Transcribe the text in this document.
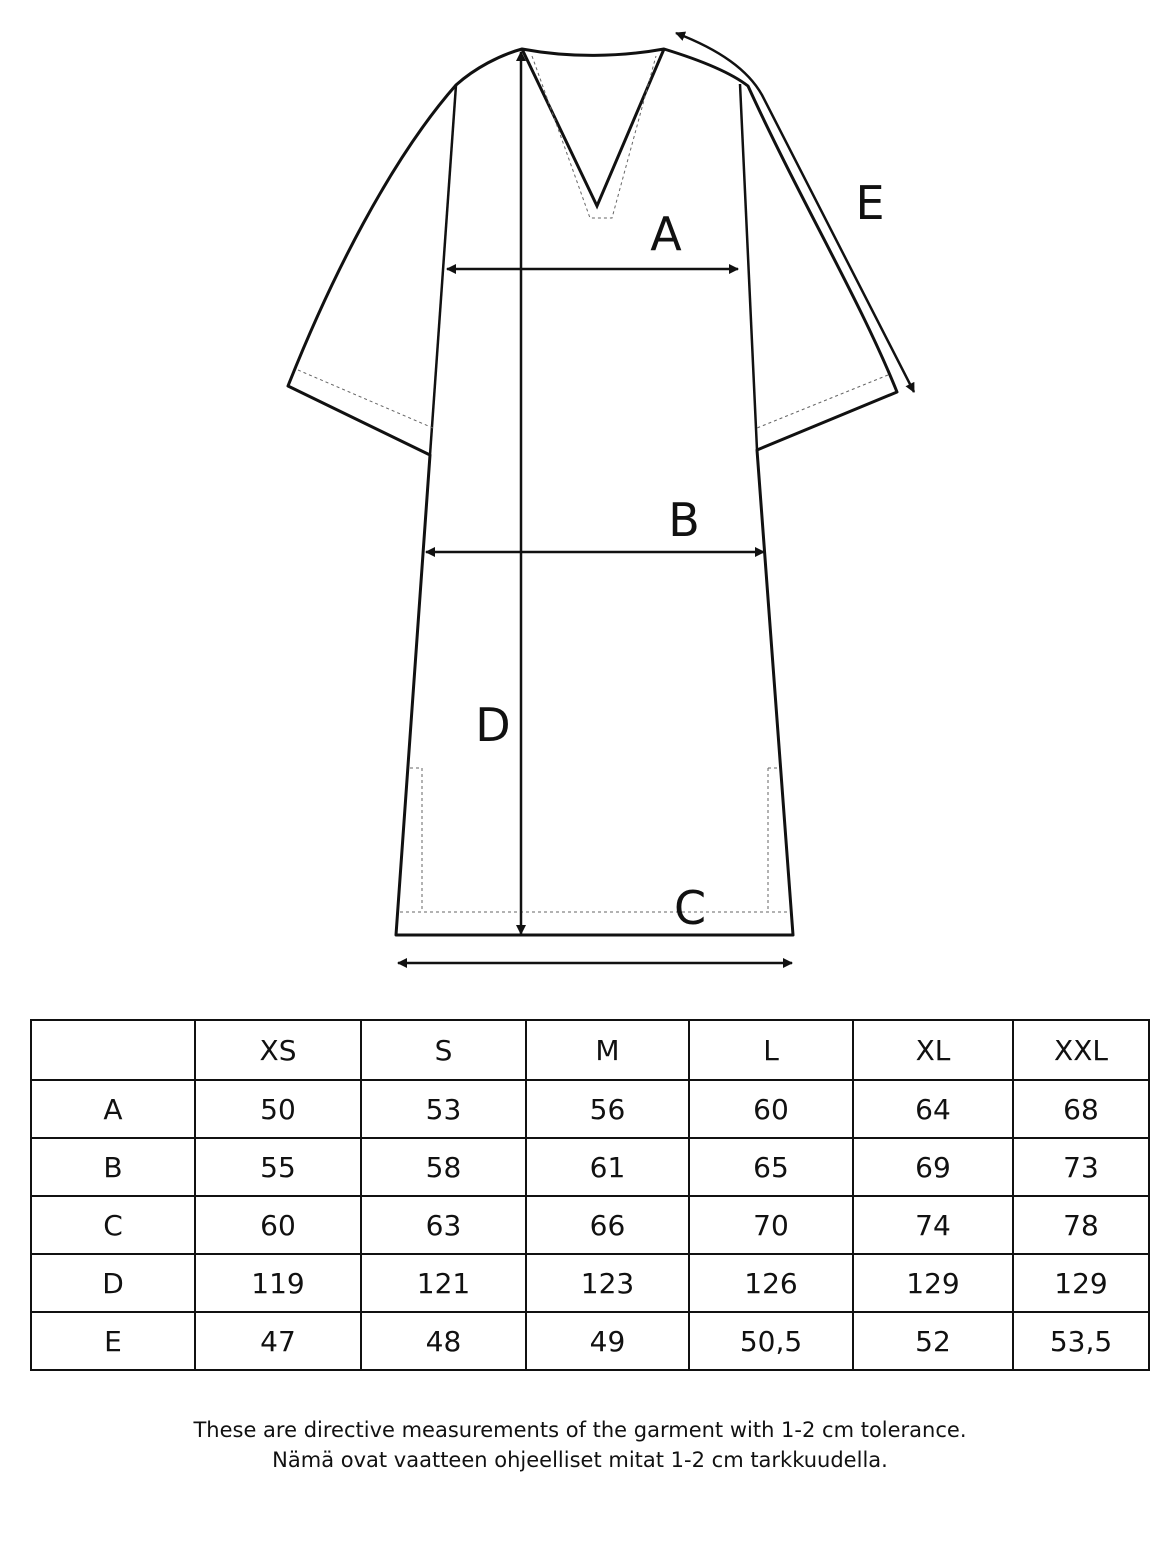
A
B
C
D
E
	XS	S	M	L	XL	XXL
A	50	53	56	60	64	68
B	55	58	61	65	69	73
C	60	63	66	70	74	78
D	119	121	123	126	129	129
E	47	48	49	50,5	52	53,5
These are directive measurements of the garment with 1-2 cm tolerance.
Nämä ovat vaatteen ohjeelliset mitat 1-2 cm tarkkuudella.
